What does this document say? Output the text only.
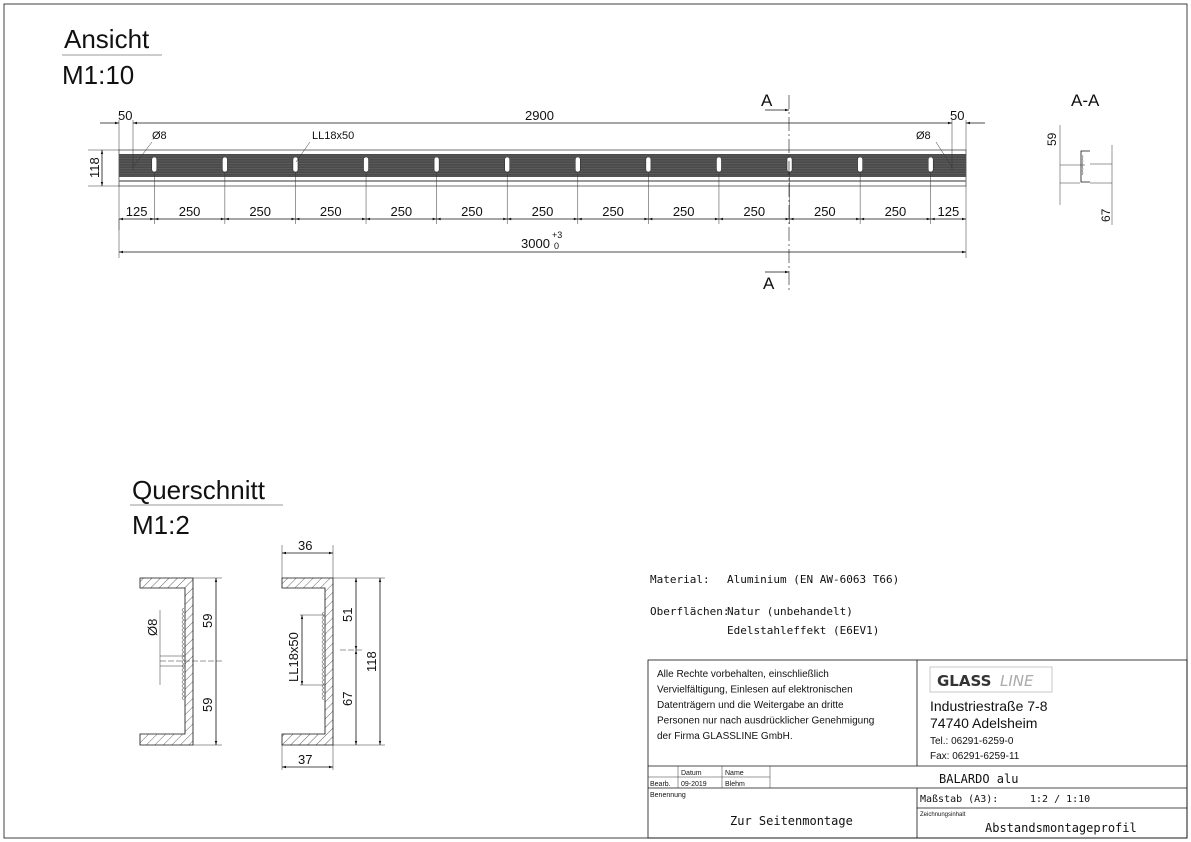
Ansicht
M1:10
50	2900	50
Ø8	LL18x50	Ø8
118
125 250	250	250	250	250	250	250	250	250	250	250 125
3000
+3
0
A
A
A-A
59
67
Querschnitt
M1:2
Ø8	59
59
36
37
LL18x50
51
67
118
Material: Aluminium (EN AW-6063 T66)
Oberflächen:
Natur (unbehandelt)
Edelstahleffekt (E6EV1)
Alle Rechte vorbehalten, einschließlich
Vervielfältigung, Einlesen auf elektronischen
Datenträgern und die Weitergabe an dritte
Personen nur nach ausdrücklicher Genehmigung
der Firma GLASSLINE GmbH.
GLASS LINE
Industriestraße 7-8
74740 Adelsheim
Tel.: 06291-6259-0
Fax: 06291-6259-11
Datum	Name
Bearb. 09-2019	Blehm	BALARDO alu
Benennung
Zur Seitenmontage
Maßstab (A3):	1:2 / 1:10
Zeichnungsinhalt
Abstandsmontageprofil
